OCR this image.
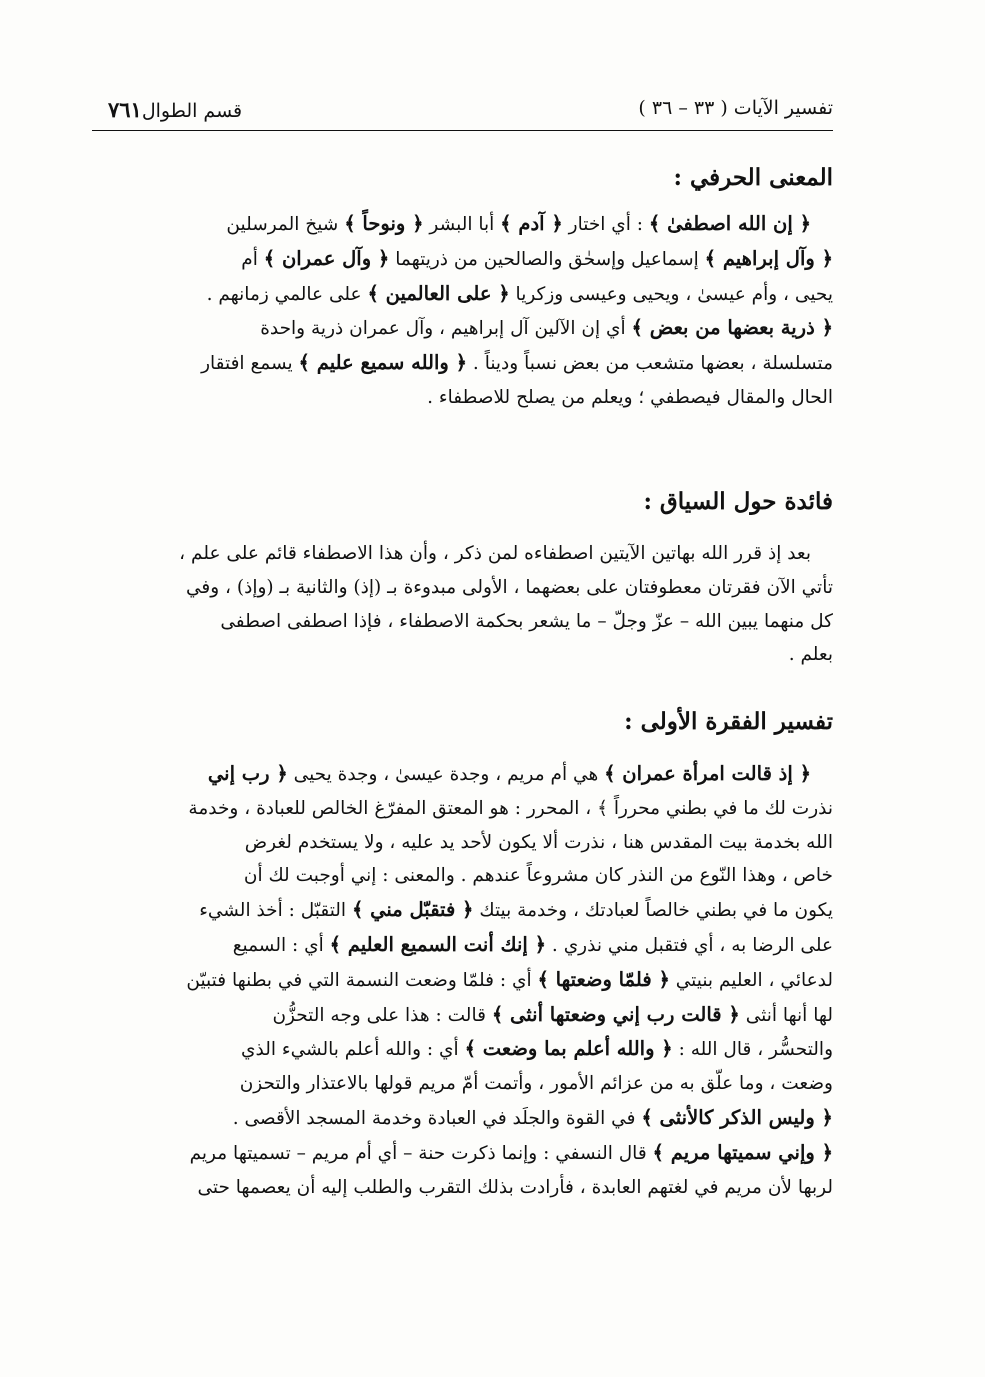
تفسير الآيات ( ٣٣ – ٣٦ )
قسم الطوال٧٦١
المعنى الحرفي :

﴿ إن الله اصطفىٰ ﴾ : أي اختار ﴿ آدم ﴾ أبا البشر ﴿ ونوحاً ﴾ شيخ المرسلين

﴿ وآل إبراهيم ﴾ إسماعيل وإسحٰق والصالحين من ذريتهما ﴿ وآل عمران ﴾ أم

يحيى ، وأم عيسىٰ ، ويحيى وعيسى وزكريا ﴿ على العالمين ﴾ على عالمي زمانهم .

﴿ ذرية بعضها من بعض ﴾ أي إن الآلين آل إبراهيم ، وآل عمران ذرية واحدة

متسلسلة ، بعضها متشعب من بعض نسباً وديناً . ﴿ والله سميع عليم ﴾ يسمع افتقار

الحال والمقال فيصطفي ؛ ويعلم من يصلح للاصطفاء .

فائدة حول السياق :

بعد إذ قرر الله بهاتين الآيتين اصطفاءه لمن ذكر ، وأن هذا الاصطفاء قائم على علم ،

تأتي الآن فقرتان معطوفتان على بعضهما ، الأولى مبدوءة بـ (إذ) والثانية بـ (وإذ) ، وفي

كل منهما يبين الله – عزّ وجلّ – ما يشعر بحكمة الاصطفاء ، فإذا اصطفى اصطفى

بعلم .

تفسير الفقرة الأولى :

﴿ إذ قالت امرأة عمران ﴾ هي أم مريم ، وجدة عيسىٰ ، وجدة يحيى ﴿ رب إني

نذرت لك ما في بطني محرراً ﴾ ، المحرر : هو المعتق المفرّغ الخالص للعبادة ، وخدمة

الله بخدمة بيت المقدس هنا ، نذرت ألا يكون لأحد يد عليه ، ولا يستخدم لغرض

خاص ، وهذا النّوع من النذر كان مشروعاً عندهم . والمعنى : إني أوجبت لك أن

يكون ما في بطني خالصاً لعبادتك ، وخدمة بيتك ﴿ فتقبّل مني ﴾ التقبّل : أخذ الشيء

على الرضا به ، أي فتقبل مني نذري . ﴿ إنك أنت السميع العليم ﴾ أي : السميع

لدعائي ، العليم بنيتي ﴿ فلمّا وضعتها ﴾ أي : فلمّا وضعت النسمة التي في بطنها فتبيّن

لها أنها أنثى ﴿ قالت رب إني وضعتها أنثى ﴾ قالت : هذا على وجه التحزُّن

والتحسُّر ، قال الله : ﴿ والله أعلم بما وضعت ﴾ أي : والله أعلم بالشيء الذي

وضعت ، وما علّق به من عزائم الأمور ، وأتمت أمّ مريم قولها بالاعتذار والتحزن

﴿ وليس الذكر كالأنثى ﴾ في القوة والجلَد في العبادة وخدمة المسجد الأقصى .

﴿ وإني سميتها مريم ﴾ قال النسفي : وإنما ذكرت حنة – أي أم مريم – تسميتها مريم

لربها لأن مريم في لغتهم العابدة ، فأرادت بذلك التقرب والطلب إليه أن يعصمها حتى
